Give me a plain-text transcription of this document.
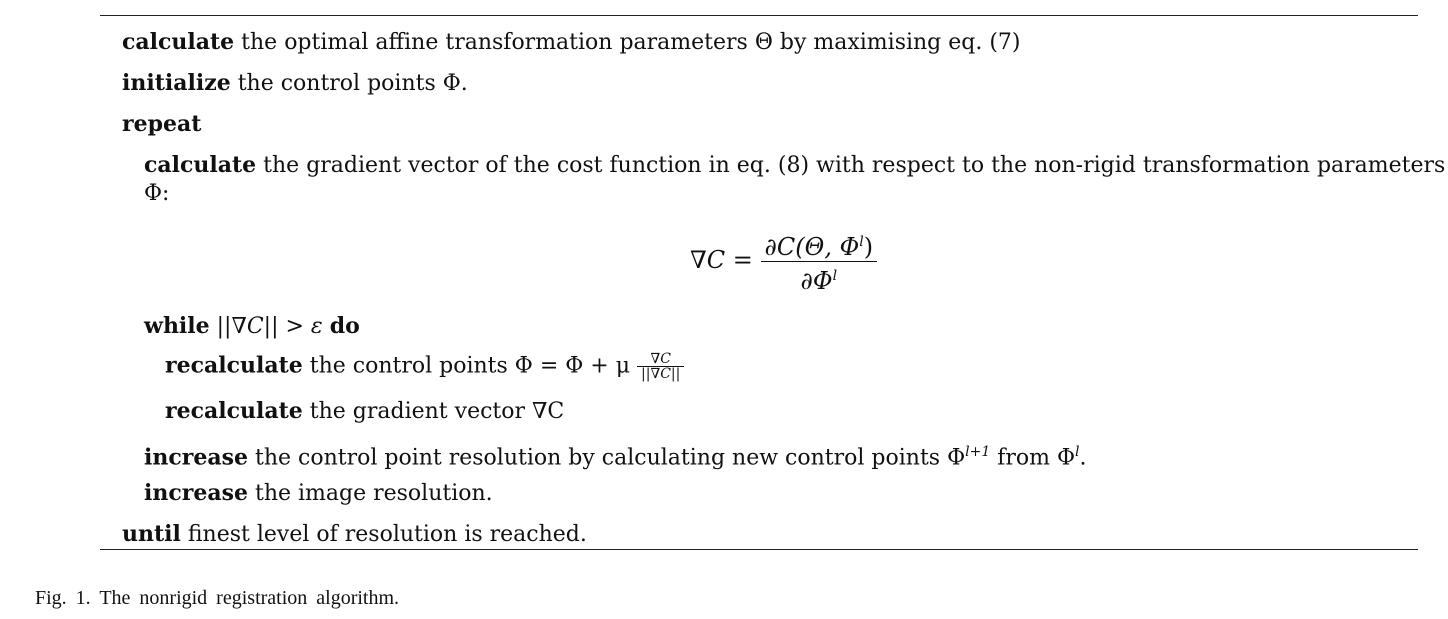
calculate the optimal affine transformation parameters Θ by maximising eq. (7)
initialize the control points Φ.
repeat
calculate the gradient vector of the cost function in eq. (8) with respect to the non-rigid transformation parameters
Φ:
$\nabla C = \frac{\partial C(\Theta, \Phi^l)}{\partial\Phi^l}$
while ||∇C|| > ε do
recalculate the control points Φ = Φ + μ $\frac{\nabla C}{||\nabla C||}$
recalculate the gradient vector ∇C
increase the control point resolution by calculating new control points $\Phi^{l+1}$ from $\Phi^l$.
increase the image resolution.
until finest level of resolution is reached.
Fig. 1. The nonrigid registration algorithm.
